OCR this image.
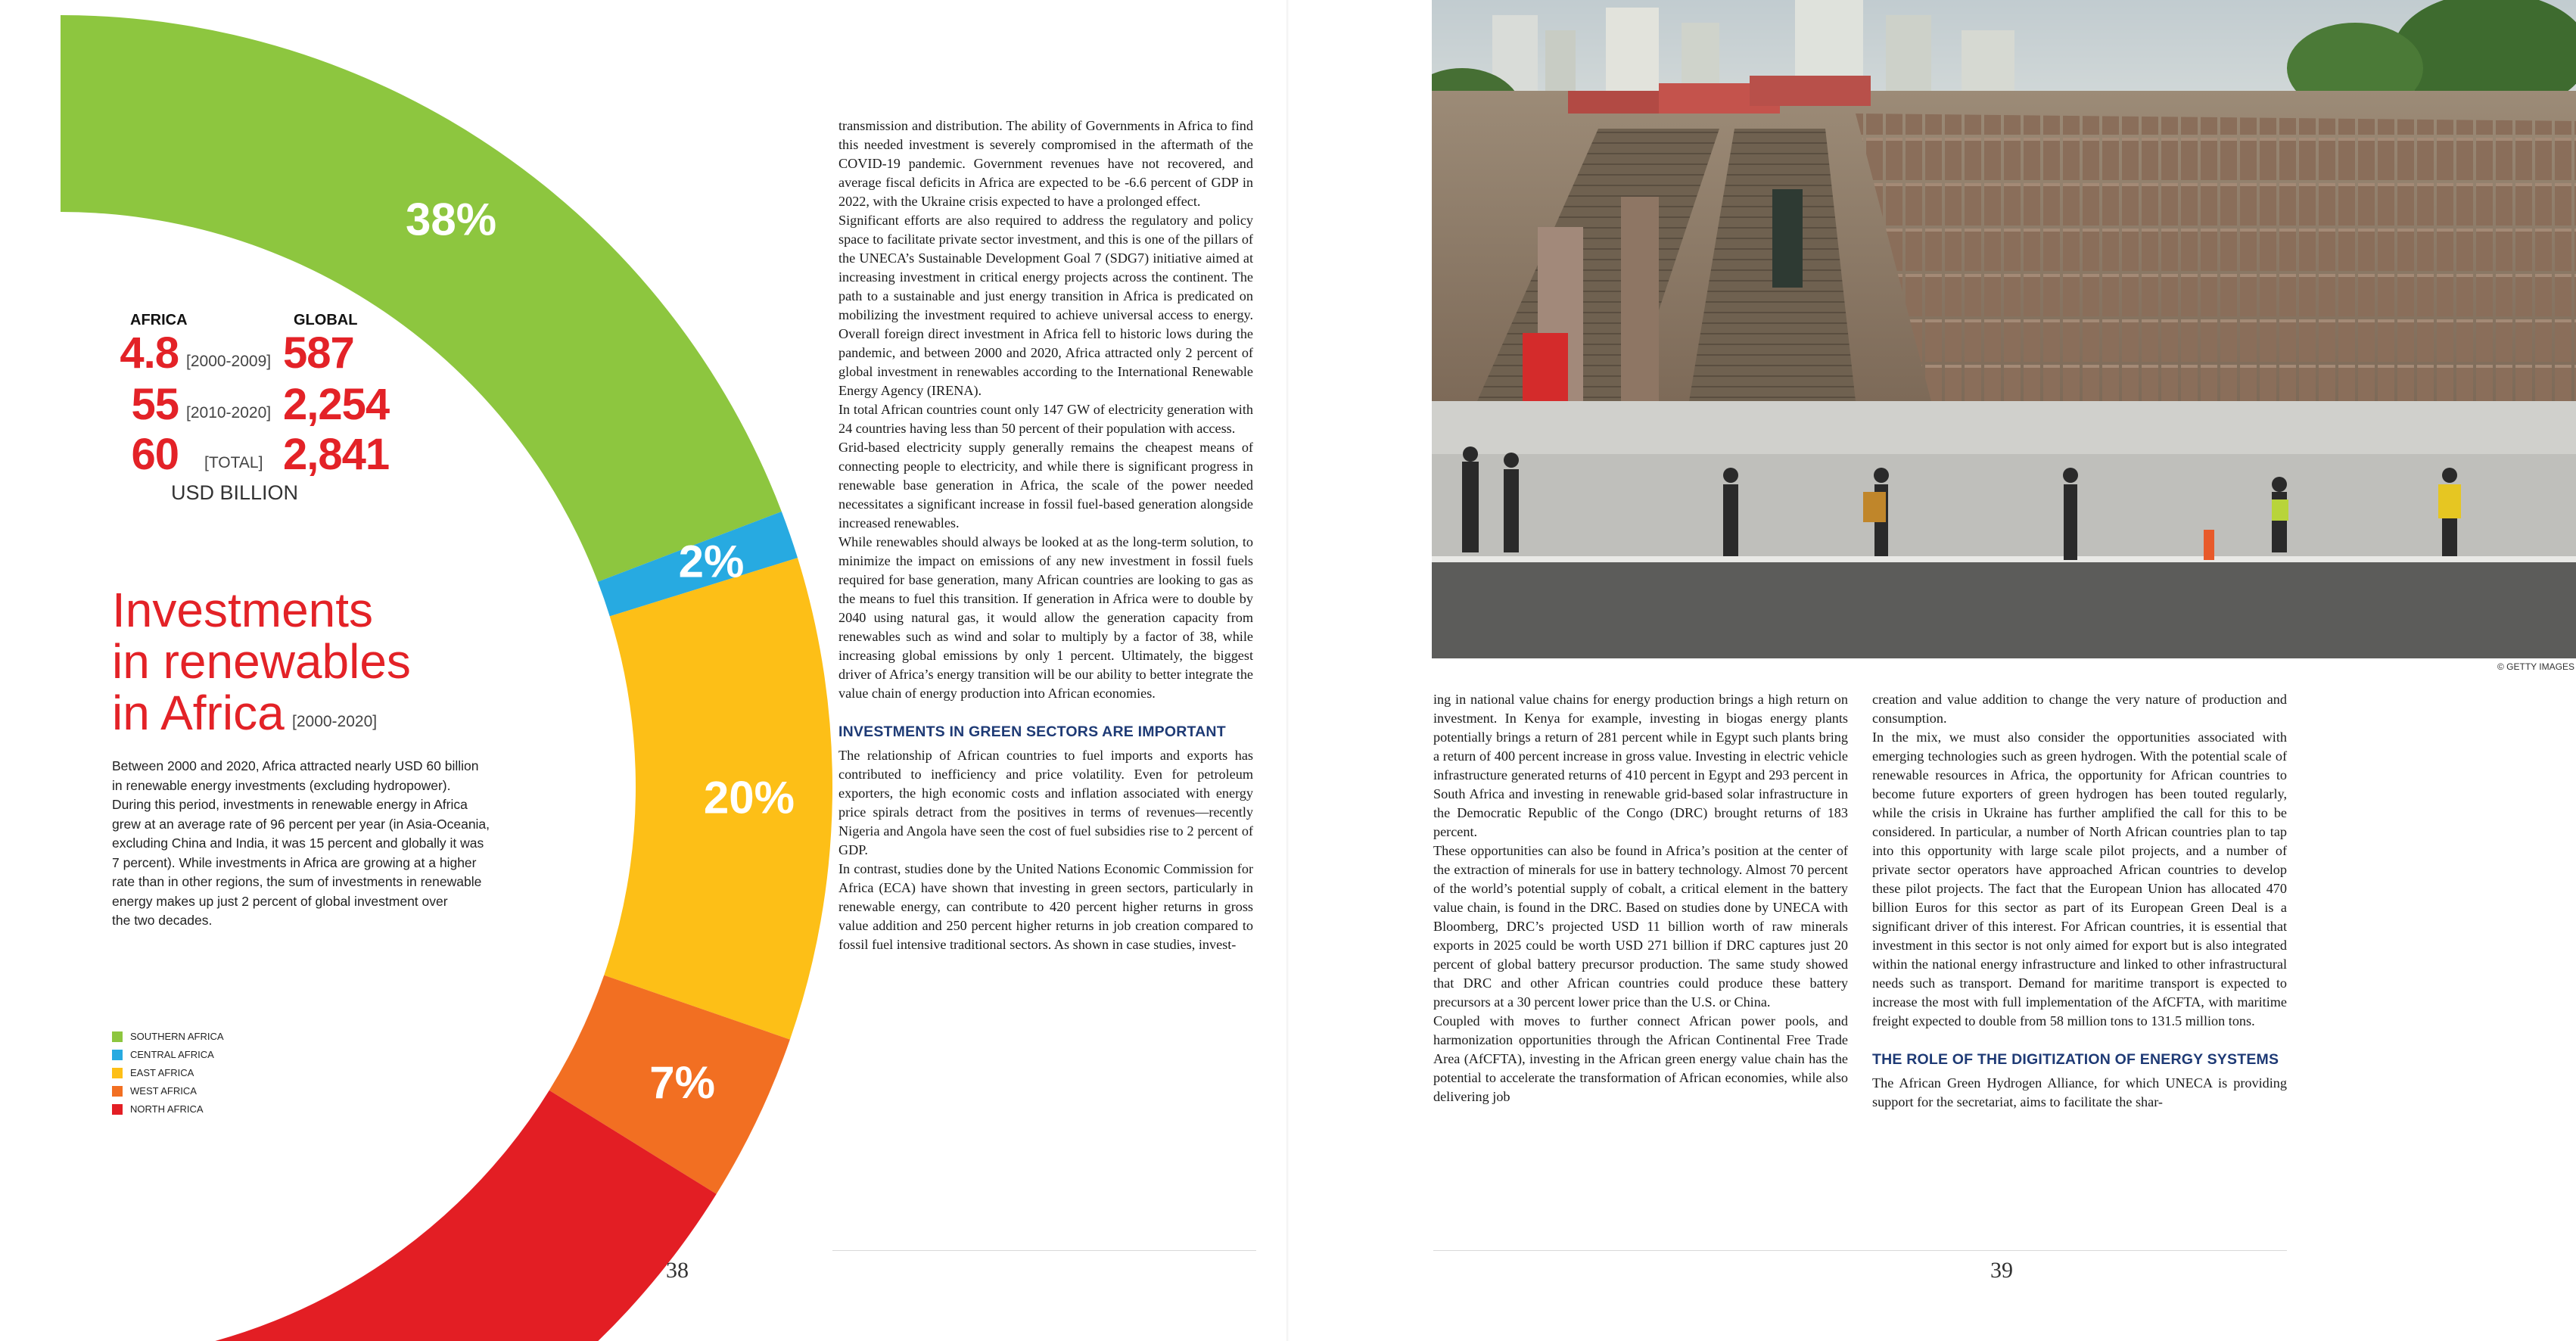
38%
2%
20%
7%
AFRICA	GLOBAL
4.8 [2000-2009] 587
55 [2010-2020] 2,254
60 [TOTAL] 2,841
USD BILLION
Investments
in renewables
in Africa [2000-2020]
Between 2000 and 2020, Africa attracted nearly USD 60 billion
in renewable energy investments (excluding hydropower).
During this period, investments in renewable energy in Africa
grew at an average rate of 96 percent per year (in Asia-Oceania,
excluding China and India, it was 15 percent and globally it was
7 percent). While investments in Africa are growing at a higher
rate than in other regions, the sum of investments in renewable
energy makes up just 2 percent of global investment over
the two decades.
SOUTHERN AFRICA
CENTRAL AFRICA
EAST AFRICA
WEST AFRICA
NORTH AFRICA

transmission and distribution. The ability of Governments in Africa to find this needed investment is severely compromised in the aftermath of the COVID-19 pandemic. Government revenues have not recovered, and average fiscal deficits in Africa are expected to be -6.6 percent of GDP in 2022, with the Ukraine crisis expected to have a prolonged effect.

Significant efforts are also required to address the regulatory and policy space to facilitate private sector investment, and this is one of the pillars of the UNECA’s Sustainable Development Goal 7 (SDG7) initiative aimed at increasing investment in critical energy projects across the continent. The path to a sustainable and just energy transition in Africa is predicated on mobilizing the investment required to achieve universal access to energy. Overall foreign direct investment in Africa fell to historic lows during the pandemic, and between 2000 and 2020, Africa attracted only 2 percent of global investment in renewables according to the International Renewable Energy Agency (IRENA).

In total African countries count only 147 GW of electricity generation with 24 countries having less than 50 percent of their population with access.

Grid-based electricity supply generally remains the cheapest means of connecting people to electricity, and while there is significant progress in renewable base generation in Africa, the scale of the power needed necessitates a significant increase in fossil fuel-based generation alongside increased renewables.

While renewables should always be looked at as the long-term solution, to minimize the impact on emissions of any new investment in fossil fuels required for base generation, many African countries are looking to gas as the means to fuel this transition. If generation in Africa were to double by 2040 using natural gas, it would allow the generation capacity from renewables such as wind and solar to multiply by a factor of 38, while increasing global emissions by only 1 percent. Ultimately, the biggest driver of Africa’s energy transition will be our ability to better integrate the value chain of energy production into African economies.

INVESTMENTS IN GREEN SECTORS ARE IMPORTANT

The relationship of African countries to fuel imports and exports has contributed to inefficiency and price volatility. Even for petroleum exporters, the high economic costs and inflation associated with energy price spirals detract from the positives in terms of revenues—recently Nigeria and Angola have seen the cost of fuel subsidies rise to 2 percent of GDP.

In contrast, studies done by the United Nations Economic Commission for Africa (ECA) have shown that investing in green sectors, particularly in renewable energy, can contribute to 420 percent higher returns in gross value addition and 250 percent higher returns in job creation compared to fossil fuel intensive traditional sectors. As shown in case studies, invest-

38
© GETTY IMAGES

ing in national value chains for energy production brings a high return on investment. In Kenya for example, investing in biogas energy plants potentially brings a return of 281 percent while in Egypt such plants bring a return of 400 percent increase in gross value. Investing in electric vehicle infrastructure generated returns of 410 percent in Egypt and 293 percent in South Africa and investing in renewable grid-based solar infrastructure in the Democratic Republic of the Congo (DRC) brought returns of 183 percent.

These opportunities can also be found in Africa’s position at the center of the extraction of minerals for use in battery technology. Almost 70 percent of the world’s potential supply of cobalt, a critical element in the battery value chain, is found in the DRC. Based on studies done by UNECA with Bloomberg, DRC’s projected USD 11 billion worth of raw minerals exports in 2025 could be worth USD 271 billion if DRC captures just 20 percent of global battery precursor production. The same study showed that DRC and other African countries could produce these battery precursors at a 30 percent lower price than the U.S. or China.

Coupled with moves to further connect African power pools, and harmonization opportunities through the African Continental Free Trade Area (AfCFTA), investing in the African green energy value chain has the potential to accelerate the transformation of African economies, while also delivering job

creation and value addition to change the very nature of production and consumption.

In the mix, we must also consider the opportunities associated with emerging technologies such as green hydrogen. With the potential scale of renewable resources in Africa, the opportunity for African countries to become future exporters of green hydrogen has been touted regularly, while the crisis in Ukraine has further amplified the call for this to be considered. In particular, a number of North African countries plan to tap into this opportunity with large scale pilot projects, and a number of private sector operators have approached African countries to develop these pilot projects. The fact that the European Union has allocated 470 billion Euros for this sector as part of its European Green Deal is a significant driver of this interest. For African countries, it is essential that investment in this sector is not only aimed for export but is also integrated within the national energy infrastructure and linked to other infrastructural needs such as transport. Demand for maritime transport is expected to increase the most with full implementation of the AfCFTA, with maritime freight expected to double from 58 million tons to 131.5 million tons.

THE ROLE OF THE DIGITIZATION OF ENERGY SYSTEMS

The African Green Hydrogen Alliance, for which UNECA is providing support for the secretariat, aims to facilitate the shar-

39
